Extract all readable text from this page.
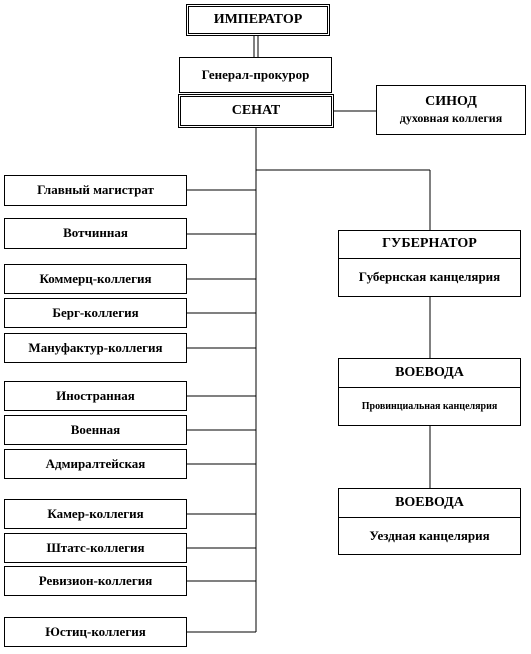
ИМПЕРАТОР
Генерал-прокурор
СЕНАТ
СИНОД
духовная коллегия
Главный магистрат
Вотчинная
Коммерц-коллегия
Берг-коллегия
Мануфактур-коллегия
Иностранная
Военная
Адмиралтейская
Камер-коллегия
Штатс-коллегия
Ревизион-коллегия
Юстиц-коллегия
ГУБЕРНАТОР
Губернская канцелярия
ВОЕВОДА
Провинциальная канцелярия
ВОЕВОДА
Уездная канцелярия
